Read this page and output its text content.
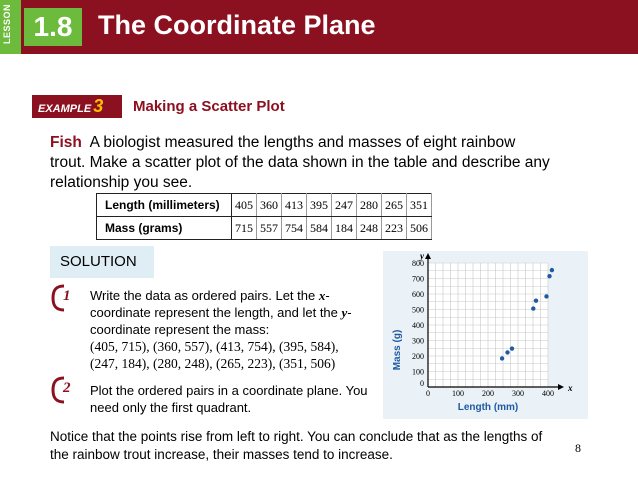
LESSON 1.8 The Coordinate Plane
EXAMPLE 3	Making a Scatter Plot
Fish A biologist measured the lengths and masses of eight rainbow trout. Make a scatter plot of the data shown in the table and describe any relationship you see.
Length (millimeters)	405	360	413	395	247	280	265	351
Mass (grams)	715	557	754	584	184	248	223	506
SOLUTION
1 Write the data as ordered pairs. Let the x-coordinate represent the length, and let the y-coordinate represent the mass:
(405, 715), (360, 557), (413, 754), (395, 584), (247, 184), (280, 248), (265, 223), (351, 506)
2 Plot the ordered pairs in a coordinate plane. You need only the first quadrant.
Notice that the points rise from left to right. You can conclude that as the lengths of the rainbow trout increase, their masses tend to increase.	8
x
y
0	100 200 300 400
0
100
200
300
400
500
600
700
800
Length (mm)
Mass (g)
